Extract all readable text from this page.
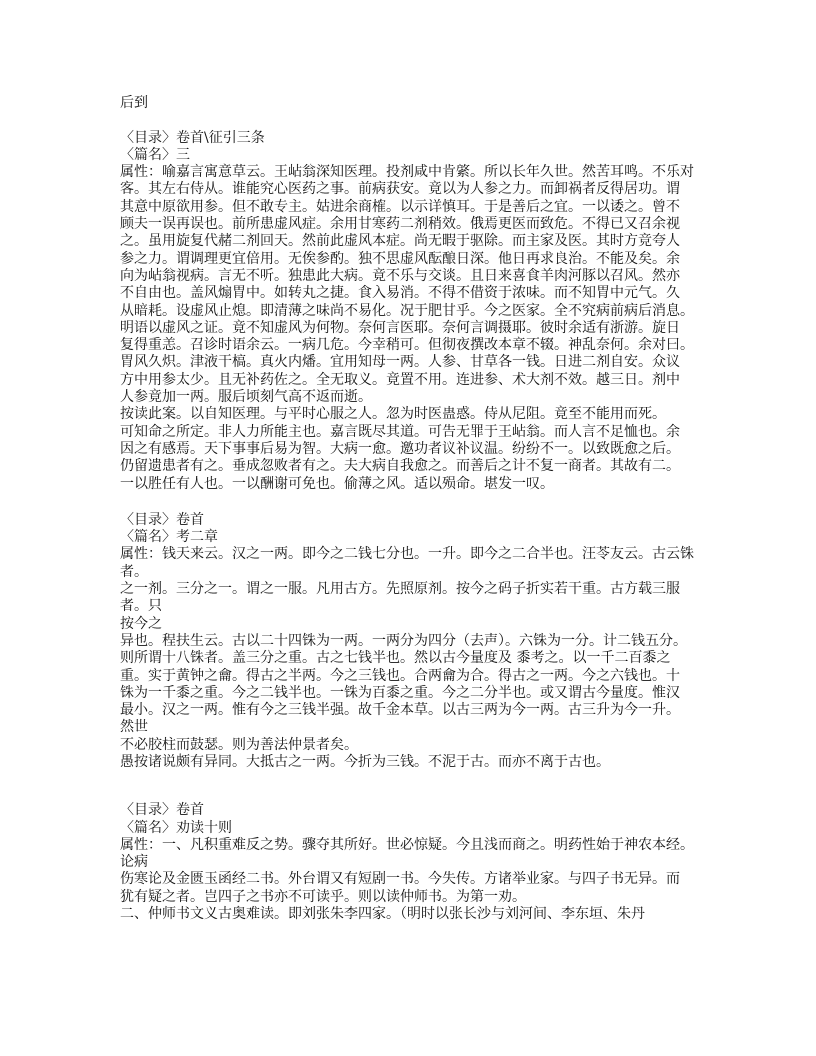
后到
〈目录〉卷首\征引三条
〈篇名〉三
属性：喻嘉言寓意草云。王岾翁深知医理。投剂咸中肯綮。所以长年久世。然苦耳鸣。不乐对
客。其左右侍从。谁能究心医药之事。前病获安。竟以为人参之力。而卸祸者反得居功。谓
其意中原欲用参。但不敢专主。姑进余商榷。以示详慎耳。于是善后之宜。一以诿之。曾不
顾夫一误再误也。前所患虚风症。余用甘寒药二剂稍效。俄焉更医而致危。不得已又召余视
之。虽用旋复代赭二剂回天。然前此虚风本症。尚无暇于驱除。而主家及医。其时方竞夸人
参之力。谓调理更宜倍用。无俟参酌。独不思虚风酝酿日深。他日再求良治。不能及矣。余
向为岾翁视病。言无不听。独患此大病。竟不乐与交谈。且日来喜食羊肉河豚以召风。然亦
不自由也。盖风煽胃中。如转丸之捷。食入易消。不得不借资于浓味。而不知胃中元气。久
从暗耗。设虚风止熄。即清薄之味尚不易化。况于肥甘乎。今之医家。全不究病前病后消息。
明语以虚风之证。竟不知虚风为何物。奈何言医耶。奈何言调摄耶。彼时余适有浙游。旋日
复得重恙。召诊时语余云。一病几危。今幸稍可。但彻夜撰改本章不辍。神乱奈何。余对曰。
胃风久炽。津液干槁。真火内燔。宜用知母一两。人参、甘草各一钱。日进二剂自安。众议
方中用参太少。且无补药佐之。全无取义。竟置不用。连进参、术大剂不效。越三日。剂中
人参竟加一两。服后顷刻气高不返而逝。
按读此案。以自知医理。与平时心服之人。忽为时医蛊惑。侍从尼阻。竟至不能用而死。
可知命之所定。非人力所能主也。嘉言既尽其道。可告无罪于王岾翁。而人言不足恤也。余
因之有感焉。天下事事后易为智。大病一愈。邀功者议补议温。纷纷不一。以致既愈之后。
仍留遗患者有之。垂成忽败者有之。夫大病自我愈之。而善后之计不复一商者。其故有二。
一以胜任有人也。一以酬谢可免也。偷薄之风。适以殒命。堪发一叹。
〈目录〉卷首
〈篇名〉考二章
属性：钱天来云。汉之一两。即今之二钱七分也。一升。即今之二合半也。汪苓友云。古云铢
者。
之一剂。三分之一。谓之一服。凡用古方。先照原剂。按今之码子折实若干重。古方载三服
者。只
按今之
异也。程扶生云。古以二十四铢为一两。一两分为四分（去声）。六铢为一分。计二钱五分。
则所谓十八铢者。盖三分之重。古之七钱半也。然以古今量度及 黍考之。以一千二百黍之
重。实于黄钟之龠。得古之半两。今之三钱也。合两龠为合。得古之一两。今之六钱也。十
铢为一千黍之重。今之二钱半也。一铢为百黍之重。今之二分半也。或又谓古今量度。惟汉
最小。汉之一两。惟有今之三钱半强。故千金本草。以古三两为今一两。古三升为今一升。
然世
不必胶柱而鼓瑟。则为善法仲景者矣。
愚按诸说颇有异同。大抵古之一两。今折为三钱。不泥于古。而亦不离于古也。
〈目录〉卷首
〈篇名〉劝读十则
属性：一、凡积重难反之势。骤夺其所好。世必惊疑。今且浅而商之。明药性始于神农本经。
论病
伤寒论及金匮玉函经二书。外台谓又有短剧一书。今失传。方诸举业家。与四子书无异。而
犹有疑之者。岂四子之书亦不可读乎。则以读仲师书。为第一劝。
二、仲师书文义古奥难读。即刘张朱李四家。（明时以张长沙与刘河间、李东垣、朱丹
